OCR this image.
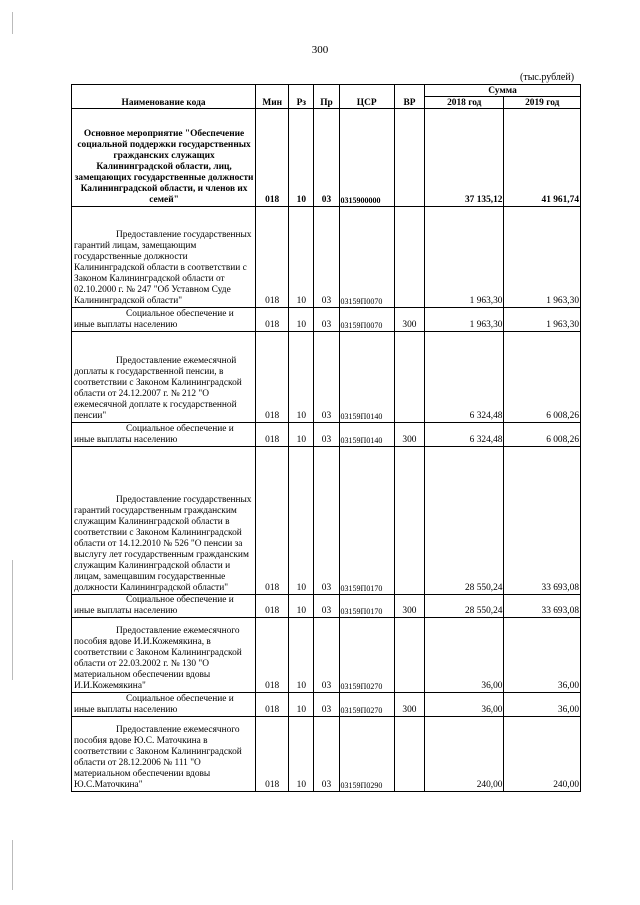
300
(тыс.рублей)
Наименование кода	Мин	Рз	Пр	ЦСР	ВР	Сумма	
						2018 год	2019 год
Основное мероприятие "Обеспечение социальной поддержки государственных гражданских служащих Калининградской области, лиц, замещающих государственные должности Калининградской области, и членов их семей"	018	10	03	0315900000		37 135,12	41 961,74
Предоставление государственных гарантий лицам, замещающим государственные должности Калининградской области в соответствии с Законом Калининградской области от 02.10.2000 г. № 247 "Об Уставном Суде Калининградской области"	018	10	03	03159П0070		1 963,30	1 963,30
Социальное обеспечение и иные выплаты населению	018	10	03	03159П0070	300	1 963,30	1 963,30
Предоставление ежемесячной доплаты к государственной пенсии, в соответствии с Законом Калининградской области от 24.12.2007 г. № 212 "О ежемесячной доплате к государственной пенсии"	018	10	03	03159П0140		6 324,48	6 008,26
Социальное обеспечение и иные выплаты населению	018	10	03	03159П0140	300	6 324,48	6 008,26
Предоставление государственных гарантий государственным гражданским служащим Калининградской области в соответствии с Законом Калининградской области от 14.12.2010 № 526 "О пенсии за выслугу лет государственным гражданским служащим Калининградской области и лицам, замещавшим государственные должности Калининградской области"	018	10	03	03159П0170		28 550,24	33 693,08
Социальное обеспечение и иные выплаты населению	018	10	03	03159П0170	300	28 550,24	33 693,08
Предоставление ежемесячного пособия вдове И.И.Кожемякина, в соответствии с Законом Калининградской области от 22.03.2002 г. № 130 "О материальном обеспечении вдовы И.И.Кожемякина"	018	10	03	03159П0270		36,00	36,00
Социальное обеспечение и иные выплаты населению	018	10	03	03159П0270	300	36,00	36,00
Предоставление ежемесячного пособия вдове Ю.С. Маточкина в соответствии с Законом Калининградской области от 28.12.2006 № 111 "О материальном обеспечении вдовы Ю.С.Маточкина"	018	10	03	03159П0290		240,00	240,00
